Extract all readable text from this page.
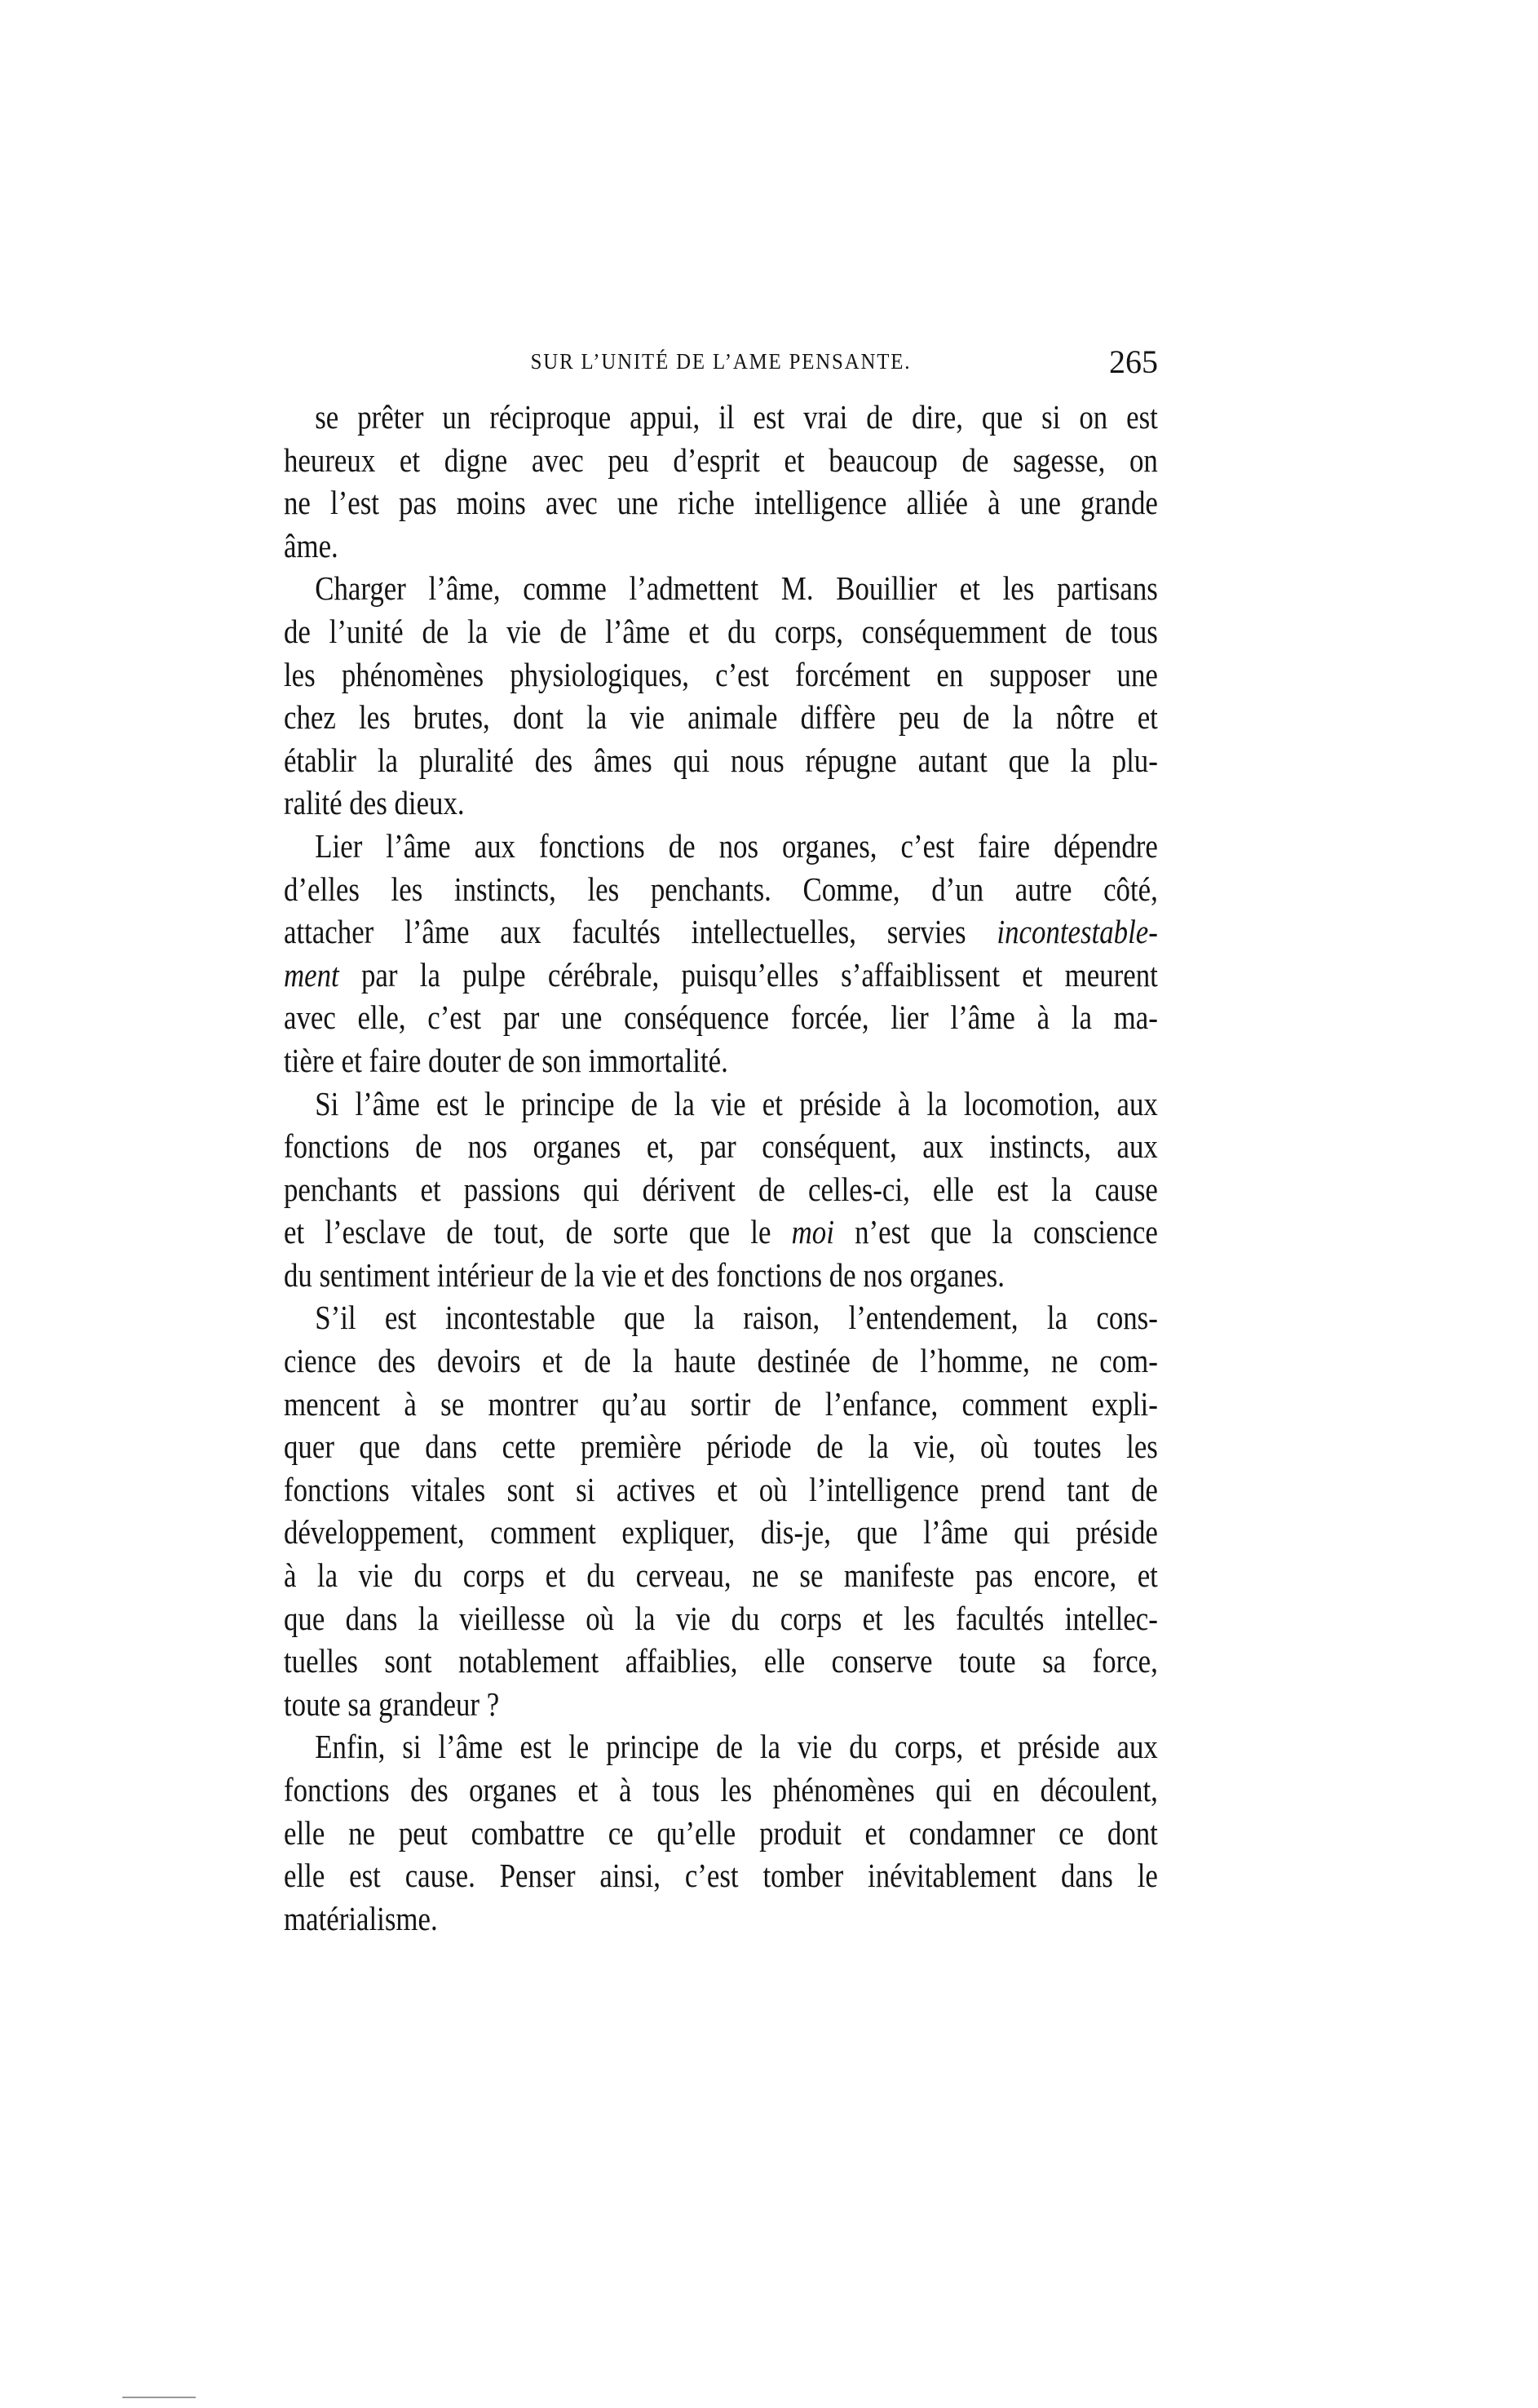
SUR L’UNITÉ DE L’AME PENSANTE.	265
se prêter un réciproque appui, il est vrai de dire, que si on est
heureux et digne avec peu d’esprit et beaucoup de sagesse, on
ne l’est pas moins avec une riche intelligence alliée à une grande
âme.
Charger l’âme, comme l’admettent M. Bouillier et les partisans
de l’unité de la vie de l’âme et du corps, conséquemment de tous
les phénomènes physiologiques, c’est forcément en supposer une
chez les brutes, dont la vie animale diffère peu de la nôtre et
établir la pluralité des âmes qui nous répugne autant que la plu-
ralité des dieux.
Lier l’âme aux fonctions de nos organes, c’est faire dépendre
d’elles les instincts, les penchants. Comme, d’un autre côté,
attacher l’âme aux facultés intellectuelles, servies incontestable-
ment par la pulpe cérébrale, puisqu’elles s’affaiblissent et meurent
avec elle, c’est par une conséquence forcée, lier l’âme à la ma-
tière et faire douter de son immortalité.
Si l’âme est le principe de la vie et préside à la locomotion, aux
fonctions de nos organes et, par conséquent, aux instincts, aux
penchants et passions qui dérivent de celles-ci, elle est la cause
et l’esclave de tout, de sorte que le moi n’est que la conscience
du sentiment intérieur de la vie et des fonctions de nos organes.
S’il est incontestable que la raison, l’entendement, la cons-
cience des devoirs et de la haute destinée de l’homme, ne com-
mencent à se montrer qu’au sortir de l’enfance, comment expli-
quer que dans cette première période de la vie, où toutes les
fonctions vitales sont si actives et où l’intelligence prend tant de
développement, comment expliquer, dis-je, que l’âme qui préside
à la vie du corps et du cerveau, ne se manifeste pas encore, et
que dans la vieillesse où la vie du corps et les facultés intellec-
tuelles sont notablement affaiblies, elle conserve toute sa force,
toute sa grandeur ?
Enfin, si l’âme est le principe de la vie du corps, et préside aux
fonctions des organes et à tous les phénomènes qui en découlent,
elle ne peut combattre ce qu’elle produit et condamner ce dont
elle est cause. Penser ainsi, c’est tomber inévitablement dans le
matérialisme.
